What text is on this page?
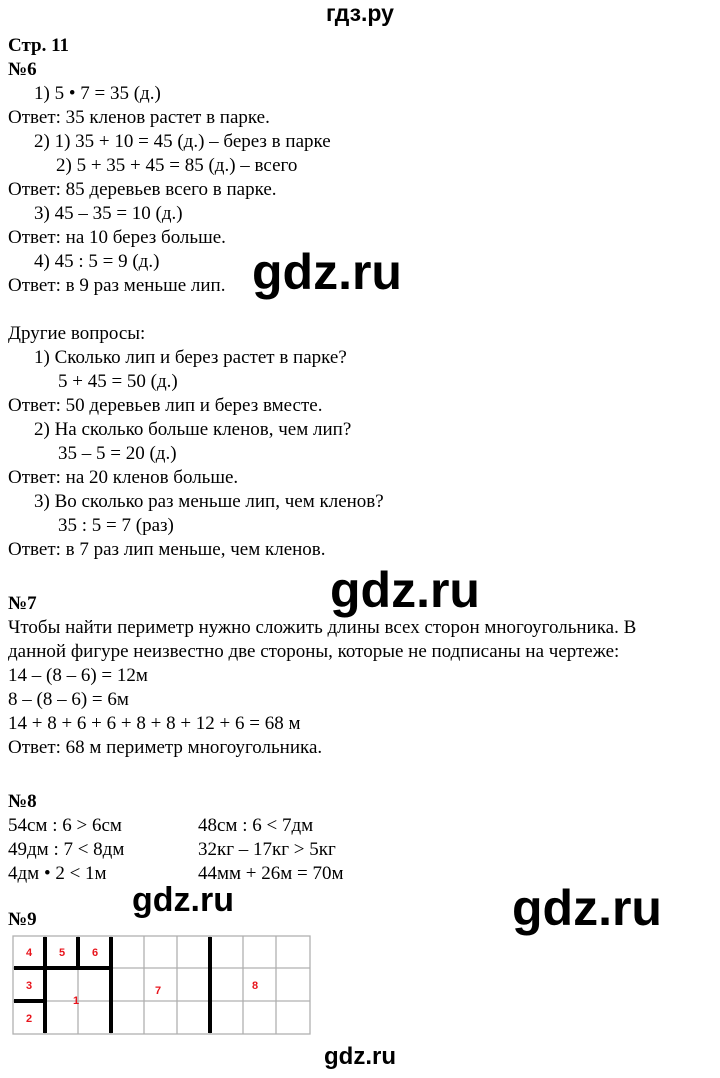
гдз.ру
Стр. 11
№6
1) 5 • 7 = 35 (д.)
Ответ: 35 кленов растет в парке.
2) 1) 35 + 10 = 45 (д.) – берез в парке
2) 5 + 35 + 45 = 85 (д.) – всего
Ответ: 85 деревьев всего в парке.
3) 45 – 35 = 10 (д.)
Ответ: на 10 берез больше.
4) 45 : 5 = 9 (д.)
Ответ: в 9 раз меньше лип.
Другие вопросы:
1) Сколько лип и берез растет в парке?
5 + 45 = 50 (д.)
Ответ: 50 деревьев лип и берез вместе.
2) На сколько больше кленов, чем лип?
35 – 5 = 20 (д.)
Ответ: на 20 кленов больше.
3) Во сколько раз меньше лип, чем кленов?
35 : 5 = 7 (раз)
Ответ: в 7 раз лип меньше, чем кленов.
№7
Чтобы найти периметр нужно сложить длины всех сторон многоугольника. В
данной фигуре неизвестно две стороны, которые не подписаны на чертеже:
14 – (8 – 6) = 12м
8 – (8 – 6) = 6м
14 + 8 + 6 + 6 + 8 + 8 + 12 + 6 = 68 м
Ответ: 68 м периметр многоугольника.
№8
54см : 6 > 6см
49дм : 7 < 8дм
4дм • 2 < 1м
48см : 6 < 7дм
32кг – 17кг > 5кг
44мм + 26м = 70м
№9
4 5 6
3
1
7	8
2
gdz.ru
gdz.ru
gdz.ru	gdz.ru
gdz.ru
